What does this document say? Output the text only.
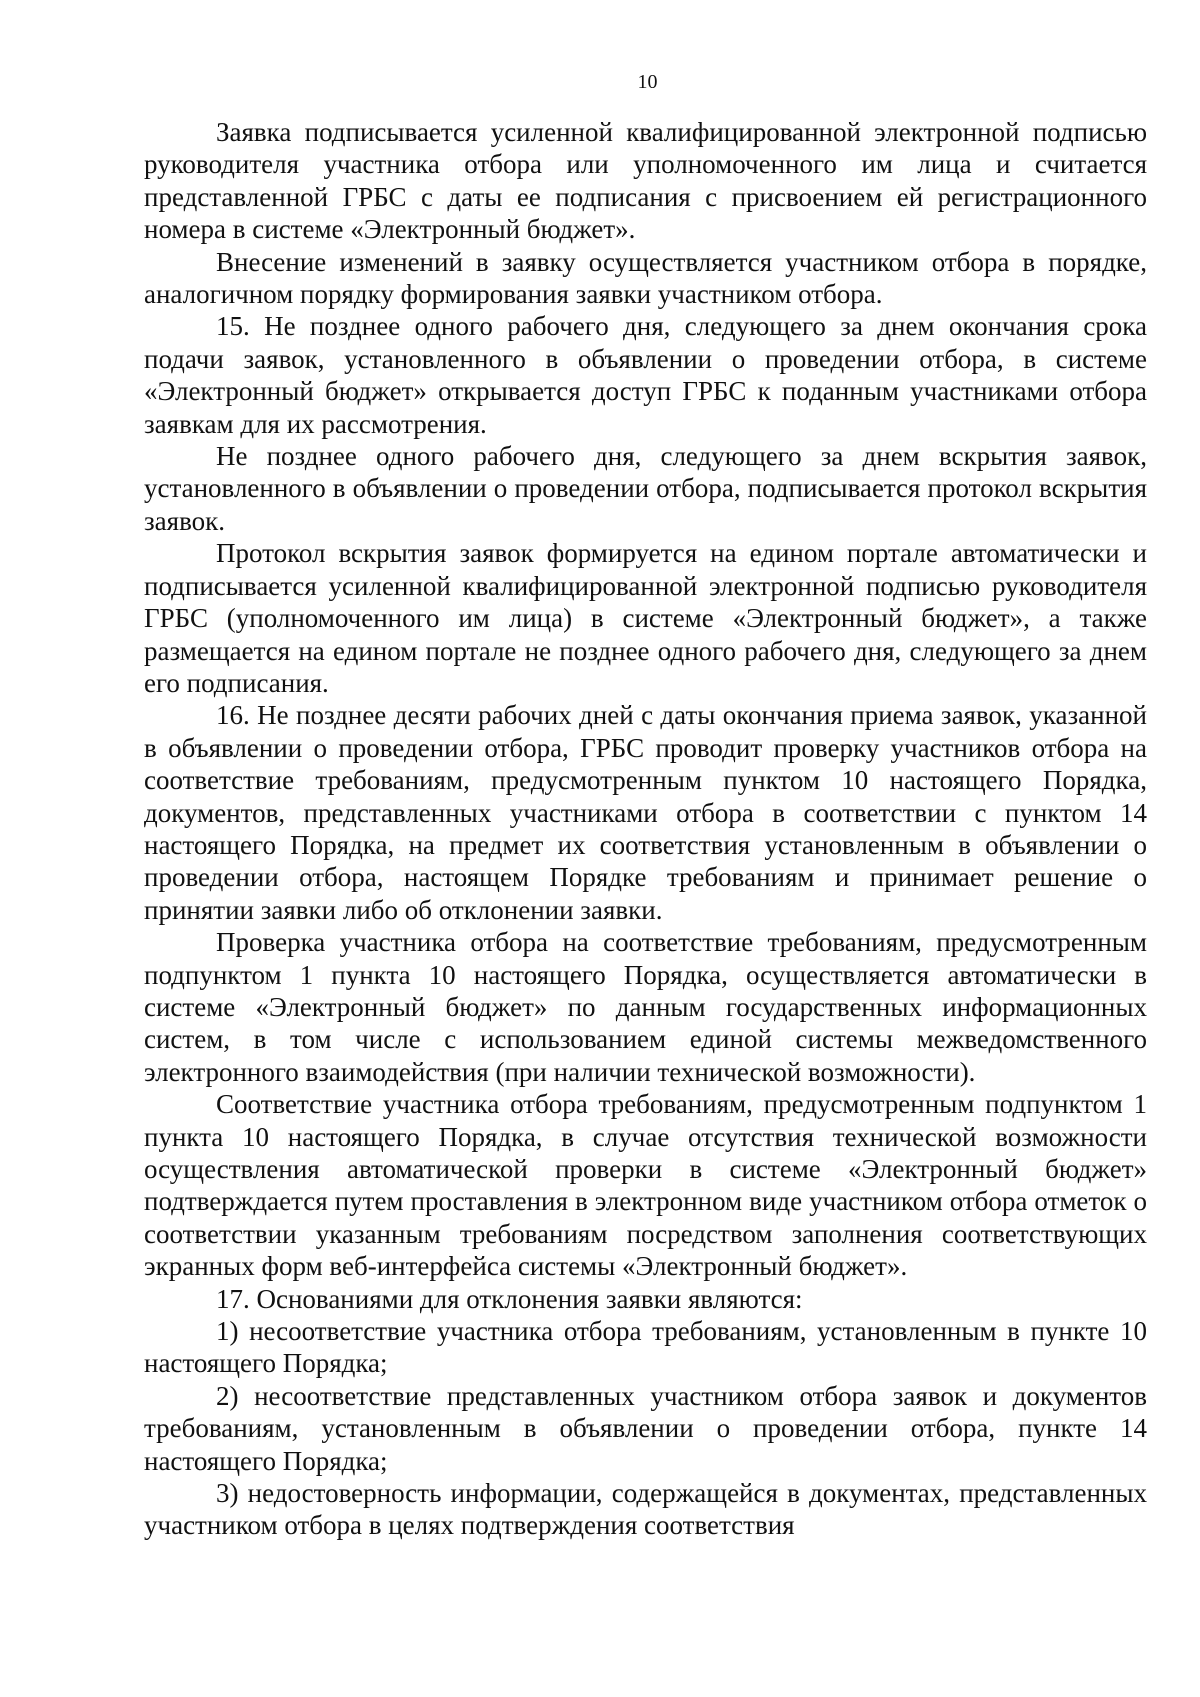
10

Заявка подписывается усиленной квалифицированной электронной подписью руководителя участника отбора или уполномоченного им лица и считается представленной ГРБС с даты ее подписания с присвоением ей регистрационного номера в системе «Электронный бюджет».

Внесение изменений в заявку осуществляется участником отбора в порядке, аналогичном порядку формирования заявки участником отбора.

15. Не позднее одного рабочего дня, следующего за днем окончания срока подачи заявок, установленного в объявлении о проведении отбора, в системе «Электронный бюджет» открывается доступ ГРБС к поданным участниками отбора заявкам для их рассмотрения.

Не позднее одного рабочего дня, следующего за днем вскрытия заявок, установленного в объявлении о проведении отбора, подписывается протокол вскрытия заявок.

Протокол вскрытия заявок формируется на едином портале автоматически и подписывается усиленной квалифицированной электронной подписью руководителя ГРБС (уполномоченного им лица) в системе «Электронный бюджет», а также размещается на едином портале не позднее одного рабочего дня, следующего за днем его подписания.

16. Не позднее десяти рабочих дней с даты окончания приема заявок, указанной в объявлении о проведении отбора, ГРБС проводит проверку участников отбора на соответствие требованиям, предусмотренным пунктом 10 настоящего Порядка, документов, представленных участниками отбора в соответствии с пунктом 14 настоящего Порядка, на предмет их соответствия установленным в объявлении о проведении отбора, настоящем Порядке требованиям и принимает решение о принятии заявки либо об отклонении заявки.

Проверка участника отбора на соответствие требованиям, предусмотренным подпунктом 1 пункта 10 настоящего Порядка, осуществляется автоматически в системе «Электронный бюджет» по данным государственных информационных систем, в том числе с использованием единой системы межведомственного электронного взаимодействия (при наличии технической возможности).

Соответствие участника отбора требованиям, предусмотренным подпунктом 1 пункта 10 настоящего Порядка, в случае отсутствия технической возможности осуществления автоматической проверки в системе «Электронный бюджет» подтверждается путем проставления в электронном виде участником отбора отметок о соответствии указанным требованиям посредством заполнения соответствующих экранных форм веб-интерфейса системы «Электронный бюджет».

17. Основаниями для отклонения заявки являются:

1) несоответствие участника отбора требованиям, установленным в пункте 10 настоящего Порядка;

2) несоответствие представленных участником отбора заявок и документов требованиям, установленным в объявлении о проведении отбора, пункте 14 настоящего Порядка;

3) недостоверность информации, содержащейся в документах, представленных участником отбора в целях подтверждения соответствия
